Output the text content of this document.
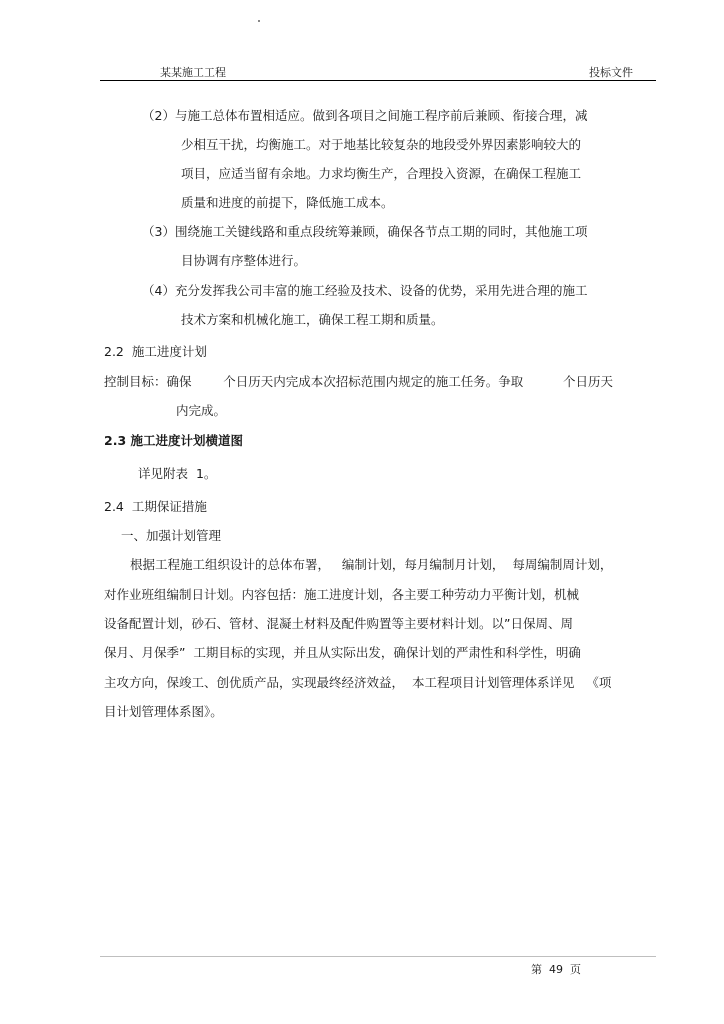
某某施工工程	投标文件
（2）与施工总体布置相适应。做到各项目之间施工程序前后兼顾、衔接合理，减
少相互干扰，均衡施工。对于地基比较复杂的地段受外界因素影响较大的
项目，应适当留有余地。力求均衡生产，合理投入资源，在确保工程施工
质量和进度的前提下，降低施工成本。
（3）围绕施工关键线路和重点段统筹兼顾，确保各节点工期的同时，其他施工项
目协调有序整体进行。
（4）充分发挥我公司丰富的施工经验及技术、设备的优势，采用先进合理的施工
技术方案和机械化施工，确保工程工期和质量。
2.2  施工进度计划
控制目标：确保        个日历天内完成本次招标范围内规定的施工任务。争取          个日历天
内完成。
2.3 施工进度计划横道图
详见附表  1。
2.4  工期保证措施
一、加强计划管理
根据工程施工组织设计的总体布署，   编制计划，每月编制月计划，  每周编制周计划，
对作业班组编制日计划。内容包括：施工进度计划，各主要工种劳动力平衡计划，机械
设备配置计划，砂石、管材、混凝土材料及配件购置等主要材料计划。以”日保周、周
保月、月保季”  工期目标的实现，并且从实际出发，确保计划的严肃性和科学性，明确
主攻方向，保竣工、创优质产品，实现最终经济效益，  本工程项目计划管理体系详见   《项
目计划管理体系图》。
第  49  页
